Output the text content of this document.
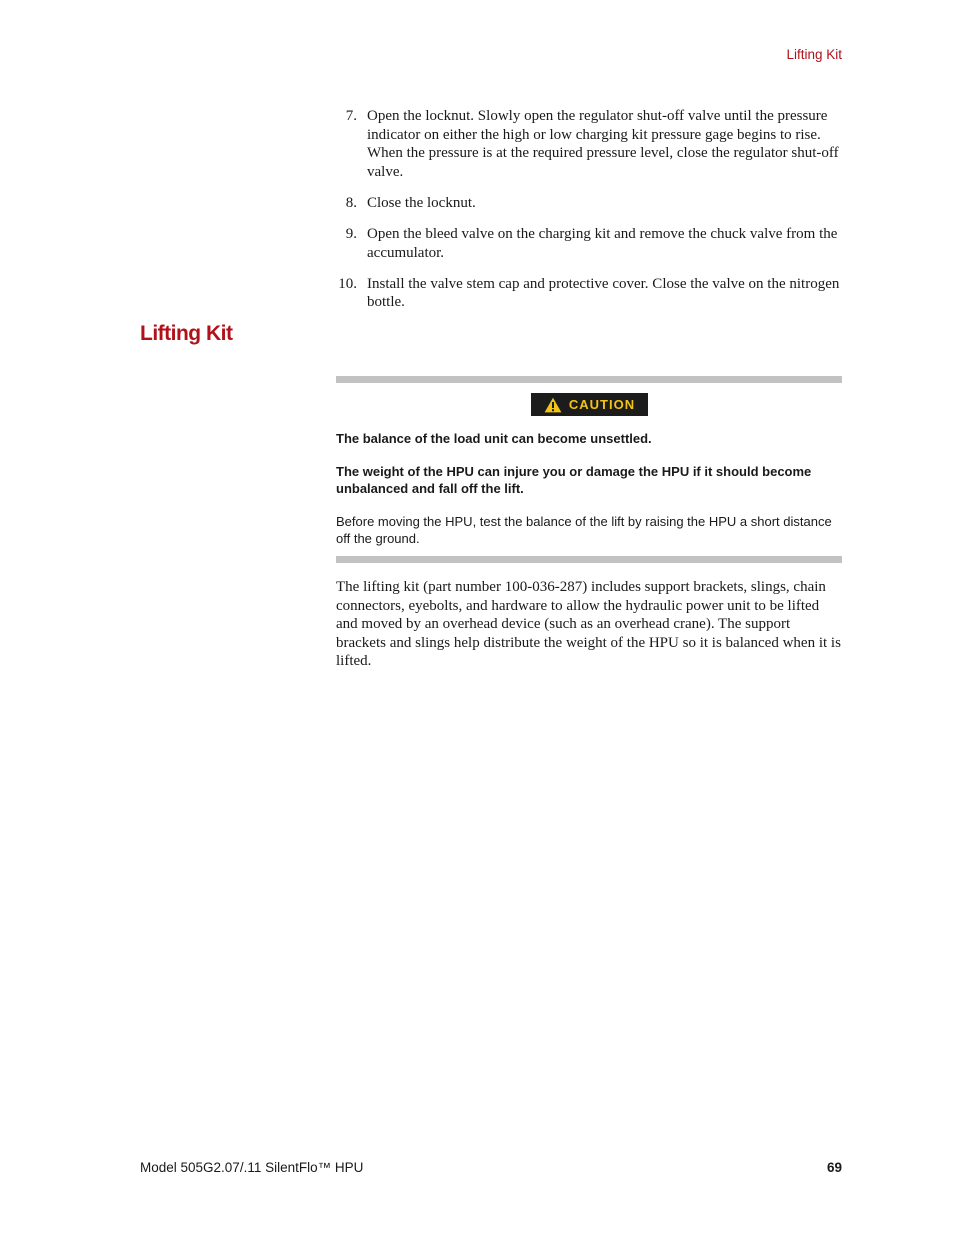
Lifting Kit
7. Open the locknut. Slowly open the regulator shut-off valve until the pressure indicator on either the high or low charging kit pressure gage begins to rise. When the pressure is at the required pressure level, close the regulator shut-off valve.
8. Close the locknut.
9. Open the bleed valve on the charging kit and remove the chuck valve from the accumulator.
10. Install the valve stem cap and protective cover. Close the valve on the nitrogen bottle.
Lifting Kit
CAUTION

The balance of the load unit can become unsettled.

The weight of the HPU can injure you or damage the HPU if it should become unbalanced and fall off the lift.

Before moving the HPU, test the balance of the lift by raising the HPU a short distance off the ground.

The lifting kit (part number 100-036-287) includes support brackets, slings, chain connectors, eyebolts, and hardware to allow the hydraulic power unit to be lifted and moved by an overhead device (such as an overhead crane). The support brackets and slings help distribute the weight of the HPU so it is balanced when it is lifted.

Model 505G2.07/.11 SilentFlo™ HPU	69
